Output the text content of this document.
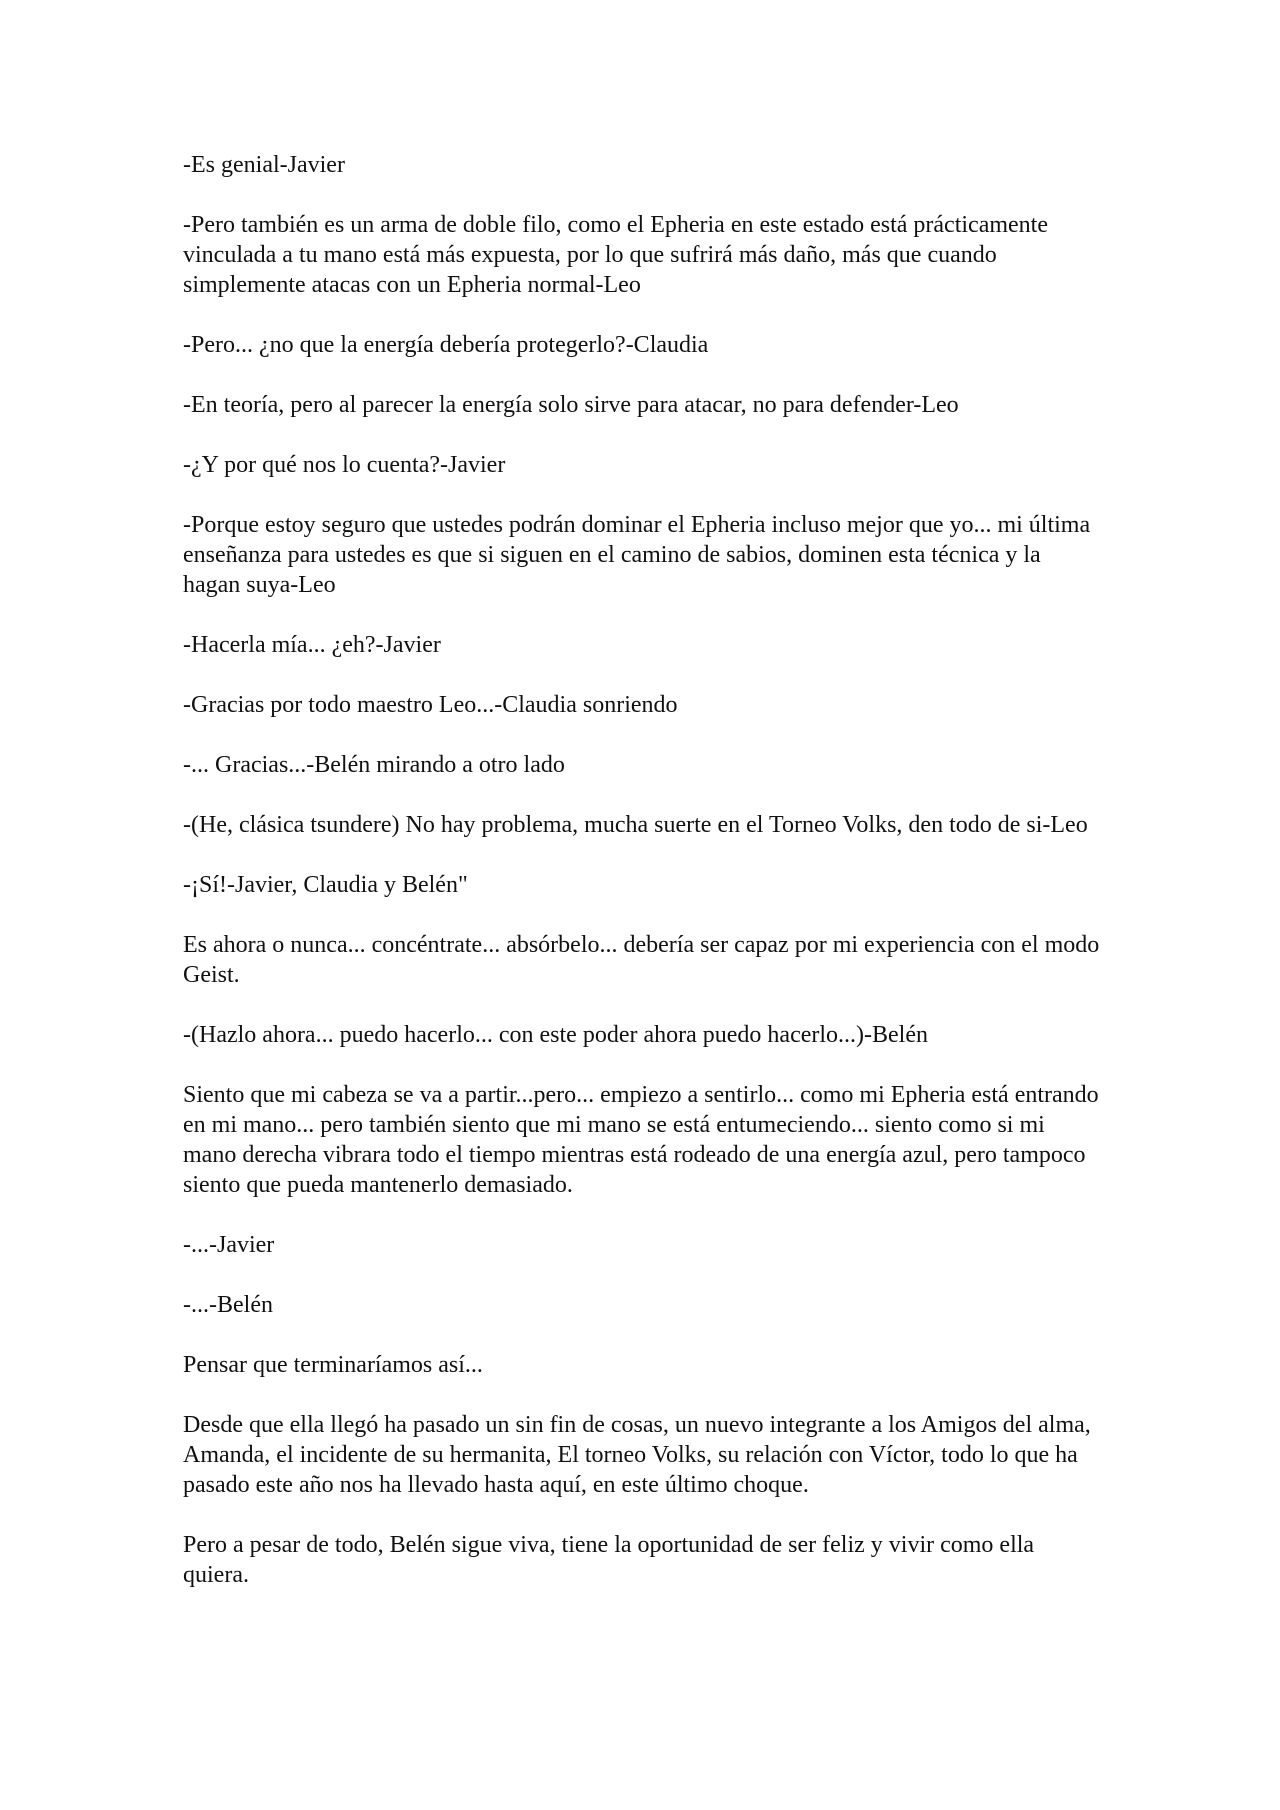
-Es genial-Javier

-Pero también es un arma de doble filo, como el Epheria en este estado está prácticamente vinculada a tu mano está más expuesta, por lo que sufrirá más daño, más que cuando simplemente atacas con un Epheria normal-Leo

-Pero... ¿no que la energía debería protegerlo?-Claudia

-En teoría, pero al parecer la energía solo sirve para atacar, no para defender-Leo

-¿Y por qué nos lo cuenta?-Javier

-Porque estoy seguro que ustedes podrán dominar el Epheria incluso mejor que yo... mi última enseñanza para ustedes es que si siguen en el camino de sabios, dominen esta técnica y la hagan suya-Leo

-Hacerla mía... ¿eh?-Javier

-Gracias por todo maestro Leo...-Claudia sonriendo

-... Gracias...-Belén mirando a otro lado

-(He, clásica tsundere) No hay problema, mucha suerte en el Torneo Volks, den todo de si-Leo

-¡Sí!-Javier, Claudia y Belén"

Es ahora o nunca... concéntrate... absórbelo... debería ser capaz por mi experiencia con el modo Geist.

-(Hazlo ahora... puedo hacerlo... con este poder ahora puedo hacerlo...)-Belén

Siento que mi cabeza se va a partir...pero... empiezo a sentirlo... como mi Epheria está entrando en mi mano... pero también siento que mi mano se está entumeciendo... siento como si mi mano derecha vibrara todo el tiempo mientras está rodeado de una energía azul, pero tampoco siento que pueda mantenerlo demasiado.

-...-Javier

-...-Belén

Pensar que terminaríamos así...

Desde que ella llegó ha pasado un sin fin de cosas, un nuevo integrante a los Amigos del alma, Amanda, el incidente de su hermanita, El torneo Volks, su relación con Víctor, todo lo que ha pasado este año nos ha llevado hasta aquí, en este último choque.

Pero a pesar de todo, Belén sigue viva, tiene la oportunidad de ser feliz y vivir como ella quiera.
